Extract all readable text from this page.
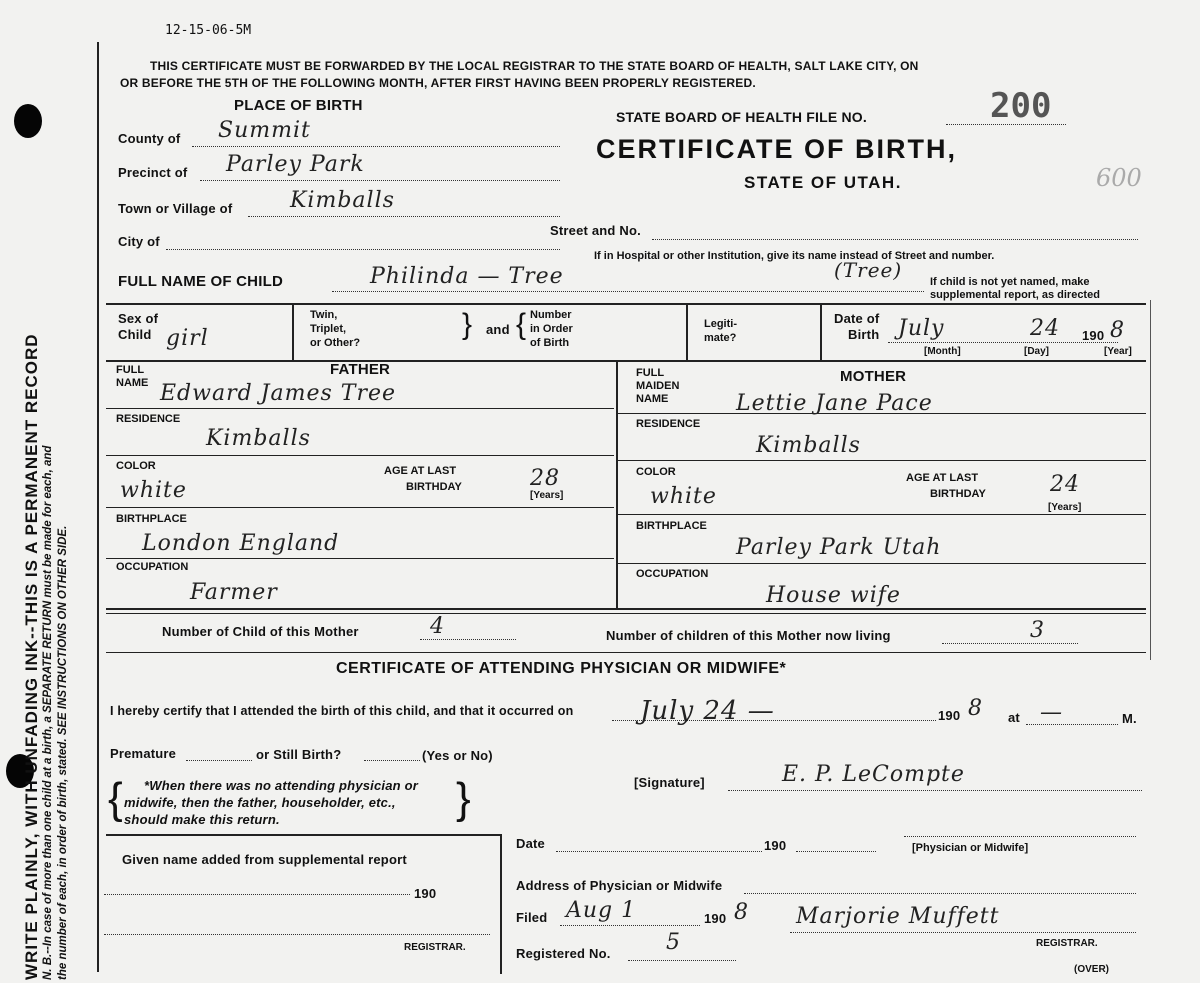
WRITE PLAINLY, WITH UNFADING INK--THIS IS A PERMANENT RECORD N. B.--In case of more than one child at a birth, a SEPARATE RETURN must be made for each, and the number of each, in order of birth, stated. SEE INSTRUCTIONS ON OTHER SIDE.
12-15-06-5M
THIS CERTIFICATE MUST BE FORWARDED BY THE LOCAL REGISTRAR TO THE STATE BOARD OF HEALTH, SALT LAKE CITY, ON
OR BEFORE THE 5TH OF THE FOLLOWING MONTH, AFTER FIRST HAVING BEEN PROPERLY REGISTERED.
PLACE OF BIRTH
County of Summit
Precinct of Parley Park
Town or Village of	Kimballs
City of
Street and No.
If in Hospital or other Institution, give its name instead of Street and number.
STATE BOARD OF HEALTH FILE NO.	200
CERTIFICATE OF BIRTH,
STATE OF UTAH.	600
FULL NAME OF CHILD	Philinda — Tree	(Tree)	If child is not yet named, make
supplemental report, as directed
Sex of
Child girl
Twin,
Triplet,
or Other?
} and { Number
in Order
of Birth
Legiti-
mate?
Date of
Birth July	24 190 8
[Month]	[Day]	[Year]
FATHER
FULL
NAME Edward James Tree
RESIDENCE
Kimballs
COLOR
white
AGE AT LAST
BIRTHDAY	28
[Years]
BIRTHPLACE
London England
OCCUPATION
Farmer
MOTHER
FULL
MAIDEN
NAME	Lettie Jane Pace
RESIDENCE
Kimballs
COLOR
white
AGE AT LAST
BIRTHDAY	24
[Years]
BIRTHPLACE
Parley Park Utah
OCCUPATION
House wife
Number of Child of this Mother	4	Number of children of this Mother now living	3
CERTIFICATE OF ATTENDING PHYSICIAN OR MIDWIFE*
I hereby certify that I attended the birth of this child, and that it occurred on	July 24 —	190 8 at —	M.
Premature	or Still Birth?	(Yes or No)
{ *When there was no attending physician or
midwife, then the father, householder, etc.,
should make this return.	}	[Signature]	E. P. LeCompte
Given name added from supplemental report
190
REGISTRAR.
Date	190	[Physician or Midwife]
Address of Physician or Midwife
Filed Aug 1	190 8 Marjorie Muffett
Registered No.	5	REGISTRAR.
(OVER)
